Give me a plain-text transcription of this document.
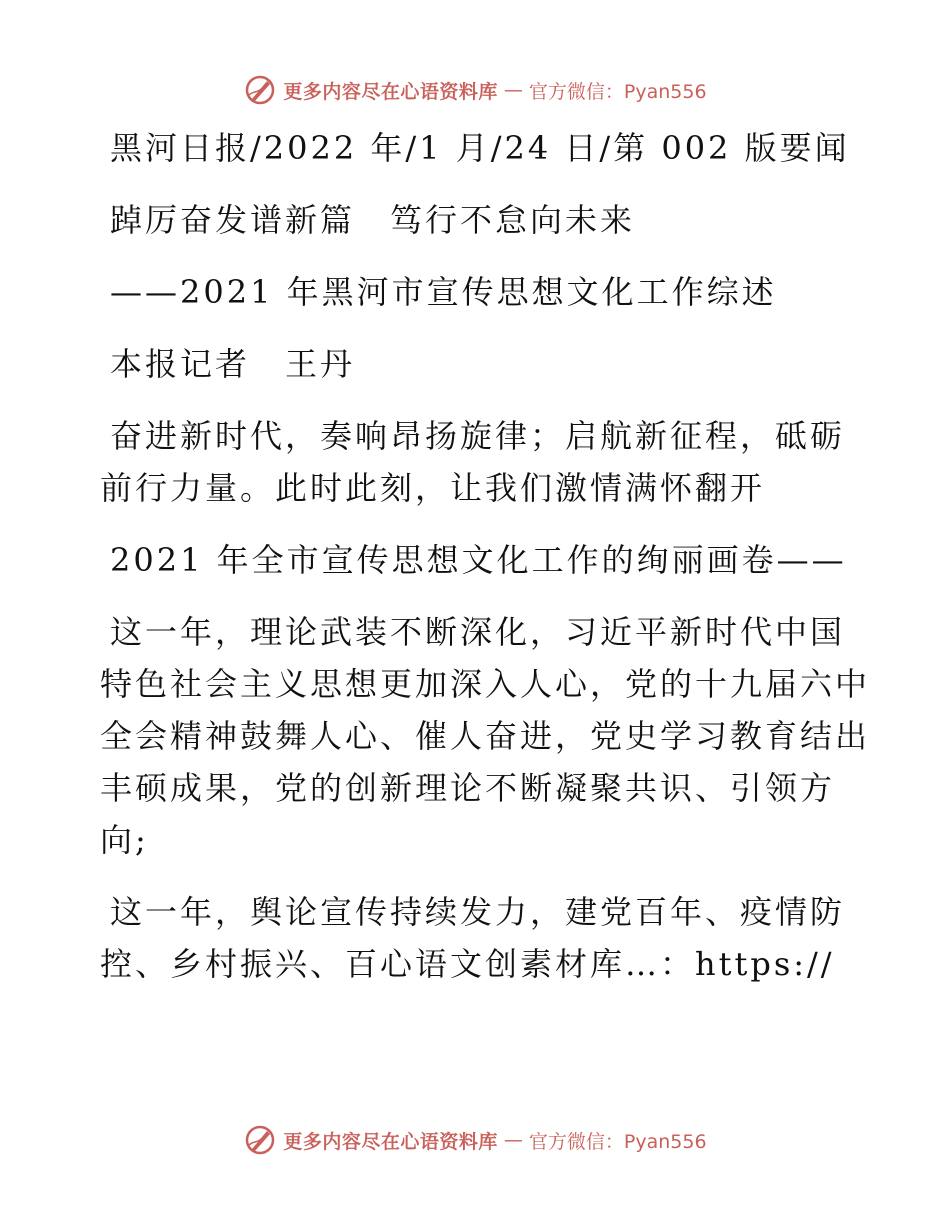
更多内容尽在心语资料库 — 官方微信：Pyan556
黑河日报/2022 年/1 月/24 日/第 002 版要闻
踔厉奋发谱新篇　笃行不怠向未来
——2021 年黑河市宣传思想文化工作综述
本报记者　王丹
奋进新时代，奏响昂扬旋律；启航新征程，砥砺
前行力量。此时此刻，让我们激情满怀翻开
2021 年全市宣传思想文化工作的绚丽画卷——
这一年，理论武装不断深化，习近平新时代中国
特色社会主义思想更加深入人心，党的十九届六中
全会精神鼓舞人心、催人奋进，党史学习教育结出
丰硕成果，党的创新理论不断凝聚共识、引领方
向;
这一年，舆论宣传持续发力，建党百年、疫情防
控、乡村振兴、百心语文创素材库…：https://
更多内容尽在心语资料库 — 官方微信：Pyan556
